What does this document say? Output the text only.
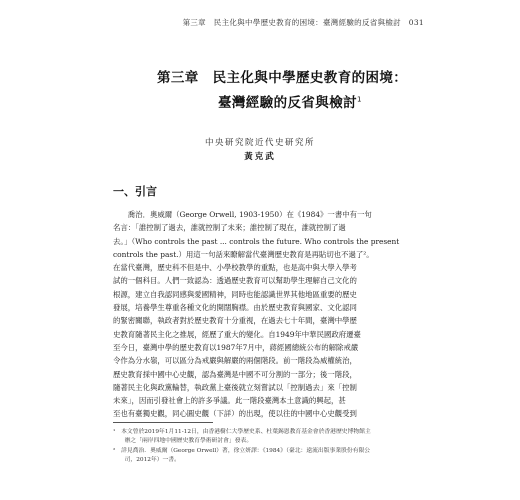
第三章　民主化與中學歷史教育的困境：臺灣經驗的反省與檢討　031
第三章　民主化與中學歷史教育的困境：
臺灣經驗的反省與檢討$^1$
中央研究院近代史研究所
黃克武
一、引言
　　喬治．奧威爾（George Orwell, 1903-1950）在《1984》一書中有一句
名言：「誰控制了過去，誰就控制了未來；誰控制了現在，誰就控制了過
去。」（Who controls the past ... controls the future. Who controls the present
controls the past.）用這一句話來瞭解當代臺灣歷史教育是再貼切也不過了²。
在當代臺灣，歷史科不但是中、小學校教學的重點，也是高中與大學入學考
試的一個科目。人們一致認為：透過歷史教育可以幫助學生理解自己文化的
根源，建立自我認同感與愛國精神，同時也能認識世界其他地區重要的歷史
發展，培養學生尊重各種文化的開闊胸襟。由於歷史教育與國家、文化認同
的緊密關聯，執政者對於歷史教育十分重視，在過去七十年間，臺灣中學歷
史教育隨著民主化之推展，經歷了重大的變化。自1949年中華民國政府遷臺
至今日，臺灣中學的歷史教育以1987年7月中，蔣經國總統公布的解除戒嚴
令作為分水嶺，可以區分為戒嚴與解嚴的兩個階段。前一階段為威權統治，
歷史教育採中國中心史觀，認為臺灣是中國不可分割的一部分；後一階段，
隨著民主化與政黨輪替，執政黨上臺後就立刻嘗試以「控制過去」來「控制
未來」，因而引發社會上的許多爭議。此一階段臺灣本土意識的興起，甚
至也有臺獨史觀，同心圓史觀（下詳）的出現，使以往的中國中心史觀受到
¹　本文曾於2019年1月11-12日，由香港樹仁大學歷史系、杜葉錫恩教育基金會於香港歷史博物館主
　　辦之「兩岸四地中國歷史教育學術研討會」發表。
²　詳見喬治．奧威爾（George Orwell）著，徐立妍譯：《1984》（臺北：遠流出版事業股份有限公
　　司，2012年）一書。
